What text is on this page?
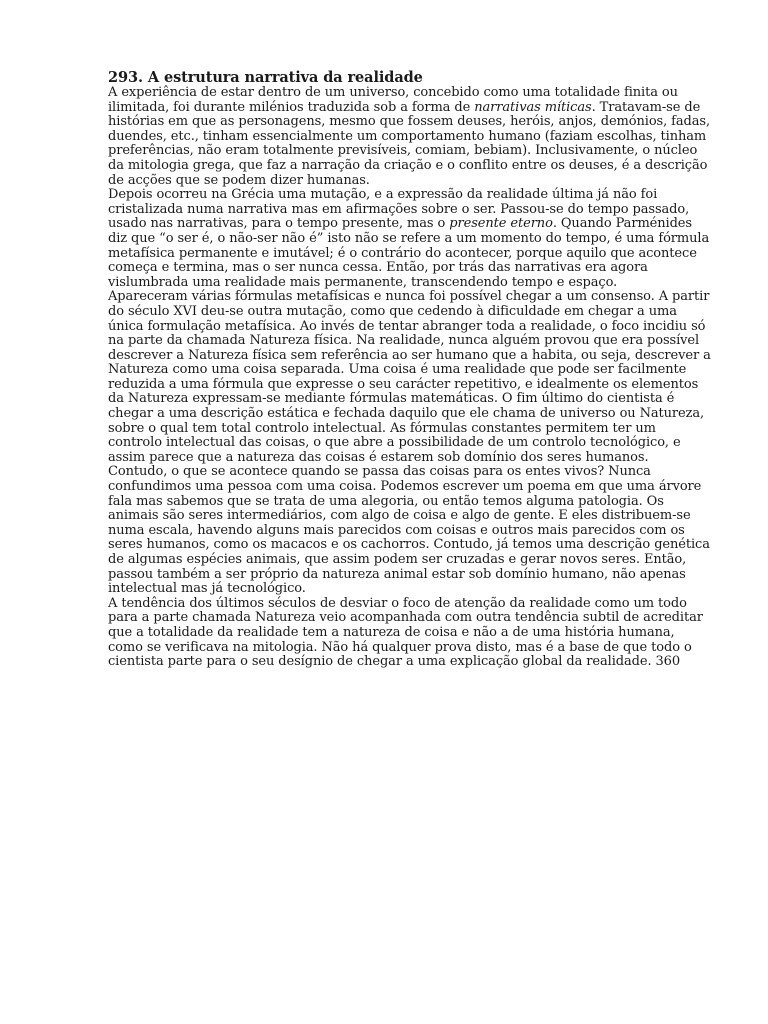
293. A estrutura narrativa da realidade

A experiência de estar dentro de um universo, concebido como uma totalidade finita ou ilimitada, foi durante milénios traduzida sob a forma de narrativas míticas. Tratavam-se de histórias em que as personagens, mesmo que fossem deuses, heróis, anjos, demónios, fadas, duendes, etc., tinham essencialmente um comportamento humano (faziam escolhas, tinham preferências, não eram totalmente previsíveis, comiam, bebiam). Inclusivamente, o núcleo da mitologia grega, que faz a narração da criação e o conflito entre os deuses, é a descrição de acções que se podem dizer humanas.

Depois ocorreu na Grécia uma mutação, e a expressão da realidade última já não foi cristalizada numa narrativa mas em afirmações sobre o ser. Passou-se do tempo passado, usado nas narrativas, para o tempo presente, mas o presente eterno. Quando Parménides diz que “o ser é, o não-ser não é” isto não se refere a um momento do tempo, é uma fórmula metafísica permanente e imutável; é o contrário do acontecer, porque aquilo que acontece começa e termina, mas o ser nunca cessa. Então, por trás das narrativas era agora vislumbrada uma realidade mais permanente, transcendendo tempo e espaço.

Apareceram várias fórmulas metafísicas e nunca foi possível chegar a um consenso. A partir do século XVI deu-se outra mutação, como que cedendo à dificuldade em chegar a uma única formulação metafísica. Ao invés de tentar abranger toda a realidade, o foco incidiu só na parte da chamada Natureza física. Na realidade, nunca alguém provou que era possível descrever a Natureza física sem referência ao ser humano que a habita, ou seja, descrever a Natureza como uma coisa separada. Uma coisa é uma realidade que pode ser facilmente reduzida a uma fórmula que expresse o seu carácter repetitivo, e idealmente os elementos da Natureza expressam-se mediante fórmulas matemáticas. O fim último do cientista é chegar a uma descrição estática e fechada daquilo que ele chama de universo ou Natureza, sobre o qual tem total controlo intelectual. As fórmulas constantes permitem ter um controlo intelectual das coisas, o que abre a possibilidade de um controlo tecnológico, e assim parece que a natureza das coisas é estarem sob domínio dos seres humanos.

Contudo, o que se acontece quando se passa das coisas para os entes vivos? Nunca confundimos uma pessoa com uma coisa. Podemos escrever um poema em que uma árvore fala mas sabemos que se trata de uma alegoria, ou então temos alguma patologia. Os animais são seres intermediários, com algo de coisa e algo de gente. E eles distribuem-se numa escala, havendo alguns mais parecidos com coisas e outros mais parecidos com os seres humanos, como os macacos e os cachorros. Contudo, já temos uma descrição genética de algumas espécies animais, que assim podem ser cruzadas e gerar novos seres. Então, passou também a ser próprio da natureza animal estar sob domínio humano, não apenas intelectual mas já tecnológico.

A tendência dos últimos séculos de desviar o foco de atenção da realidade como um todo para a parte chamada Natureza veio acompanhada com outra tendência subtil de acreditar que a totalidade da realidade tem a natureza de coisa e não a de uma história humana, como se verificava na mitologia. Não há qualquer prova disto, mas é a base de que todo o cientista parte para o seu desígnio de chegar a uma explicação global da realidade. 360
